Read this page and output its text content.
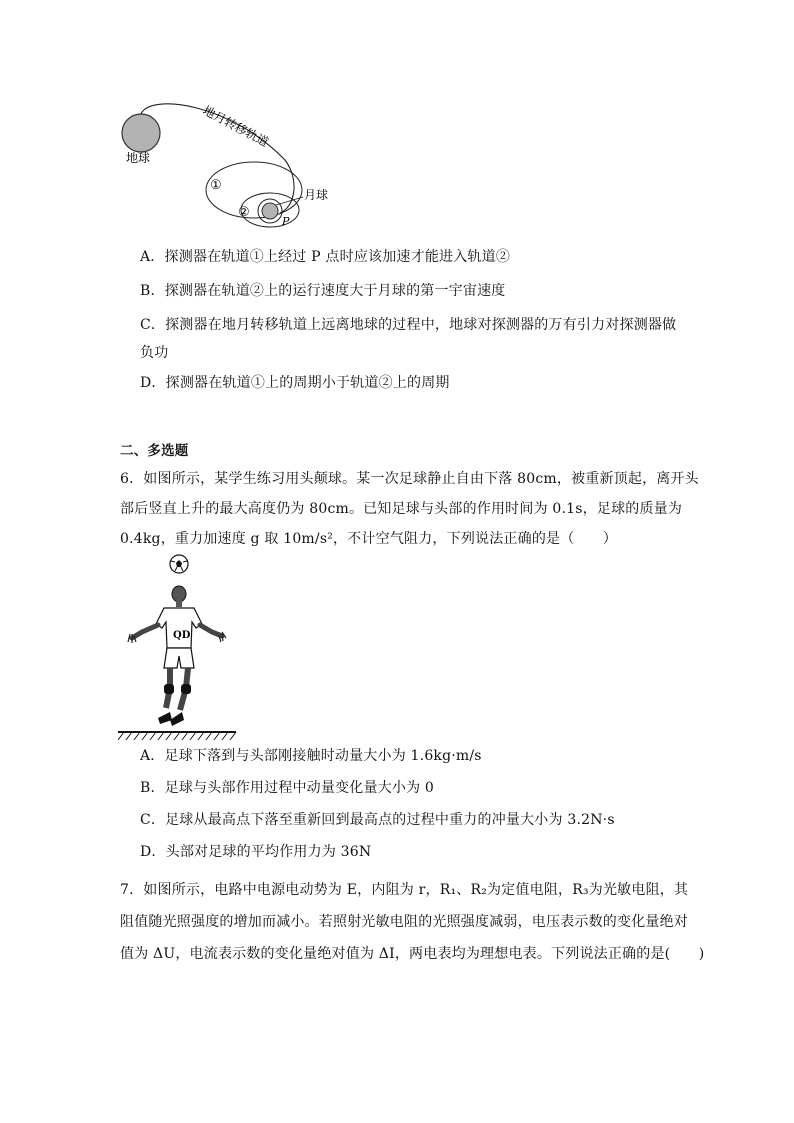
地球
地月转移轨道
①
②
月球
P
A．探测器在轨道①上经过 P 点时应该加速才能进入轨道②
B．探测器在轨道②上的运行速度大于月球的第一宇宙速度
C．探测器在地月转移轨道上远离地球的过程中，地球对探测器的万有引力对探测器做
负功
D．探测器在轨道①上的周期小于轨道②上的周期
二、多选题
6．如图所示，某学生练习用头颠球。某一次足球静止自由下落 80cm，被重新顶起，离开头
部后竖直上升的最大高度仍为 80cm。已知足球与头部的作用时间为 0.1s，足球的质量为
0.4kg，重力加速度 g 取 10m/s²，不计空气阻力，下列说法正确的是（　　）
QD
A．足球下落到与头部刚接触时动量大小为 1.6kg·m/s
B．足球与头部作用过程中动量变化量大小为 0
C．足球从最高点下落至重新回到最高点的过程中重力的冲量大小为 3.2N·s
D．头部对足球的平均作用力为 36N
7．如图所示，电路中电源电动势为 E，内阻为 r，R₁、R₂为定值电阻，R₃为光敏电阻，其
阻值随光照强度的增加而减小。若照射光敏电阻的光照强度减弱，电压表示数的变化量绝对
值为 ΔU，电流表示数的变化量绝对值为 ΔI，两电表均为理想电表。下列说法正确的是(　　)
